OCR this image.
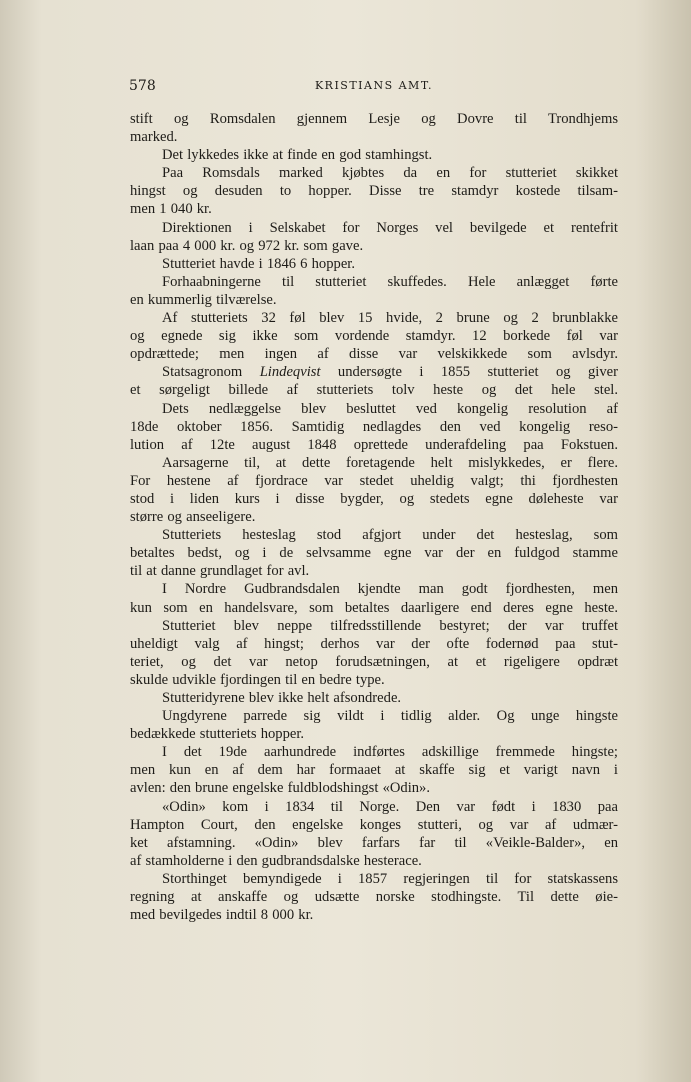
578	KRISTIANS AMT.
stift og Romsdalen gjennem Lesje og Dovre til Trondhjems
marked.
Det lykkedes ikke at finde en god stamhingst.
Paa Romsdals marked kjøbtes da en for stutteriet skikket
hingst og desuden to hopper. Disse tre stamdyr kostede tilsam-
men 1 040 kr.
Direktionen i Selskabet for Norges vel bevilgede et rentefrit
laan paa 4 000 kr. og 972 kr. som gave.
Stutteriet havde i 1846 6 hopper.
Forhaabningerne til stutteriet skuffedes. Hele anlægget førte
en kummerlig tilværelse.
Af stutteriets 32 føl blev 15 hvide, 2 brune og 2 brunblakke
og egnede sig ikke som vordende stamdyr. 12 borkede føl var
opdrættede; men ingen af disse var velskikkede som avlsdyr.
Statsagronom Lindeqvist undersøgte i 1855 stutteriet og giver
et sørgeligt billede af stutteriets tolv heste og det hele stel.
Dets nedlæggelse blev besluttet ved kongelig resolution af
18de oktober 1856. Samtidig nedlagdes den ved kongelig reso-
lution af 12te august 1848 oprettede underafdeling paa Fokstuen.
Aarsagerne til, at dette foretagende helt mislykkedes, er flere.
For hestene af fjordrace var stedet uheldig valgt; thi fjordhesten
stod i liden kurs i disse bygder, og stedets egne døleheste var
større og anseeligere.
Stutteriets hesteslag stod afgjort under det hesteslag, som
betaltes bedst, og i de selvsamme egne var der en fuldgod stamme
til at danne grundlaget for avl.
I Nordre Gudbrandsdalen kjendte man godt fjordhesten, men
kun som en handelsvare, som betaltes daarligere end deres egne heste.
Stutteriet blev neppe tilfredsstillende bestyret; der var truffet
uheldigt valg af hingst; derhos var der ofte fodernød paa stut-
teriet, og det var netop forudsætningen, at et rigeligere opdræt
skulde udvikle fjordingen til en bedre type.
Stutteridyrene blev ikke helt afsondrede.
Ungdyrene parrede sig vildt i tidlig alder. Og unge hingste
bedækkede stutteriets hopper.
I det 19de aarhundrede indførtes adskillige fremmede hingste;
men kun en af dem har formaaet at skaffe sig et varigt navn i
avlen: den brune engelske fuldblodshingst «Odin».
«Odin» kom i 1834 til Norge. Den var født i 1830 paa
Hampton Court, den engelske konges stutteri, og var af udmær-
ket afstamning. «Odin» blev farfars far til «Veikle-Balder», en
af stamholderne i den gudbrandsdalske hesterace.
Storthinget bemyndigede i 1857 regjeringen til for statskassens
regning at anskaffe og udsætte norske stodhingste. Til dette øie-
med bevilgedes indtil 8 000 kr.
